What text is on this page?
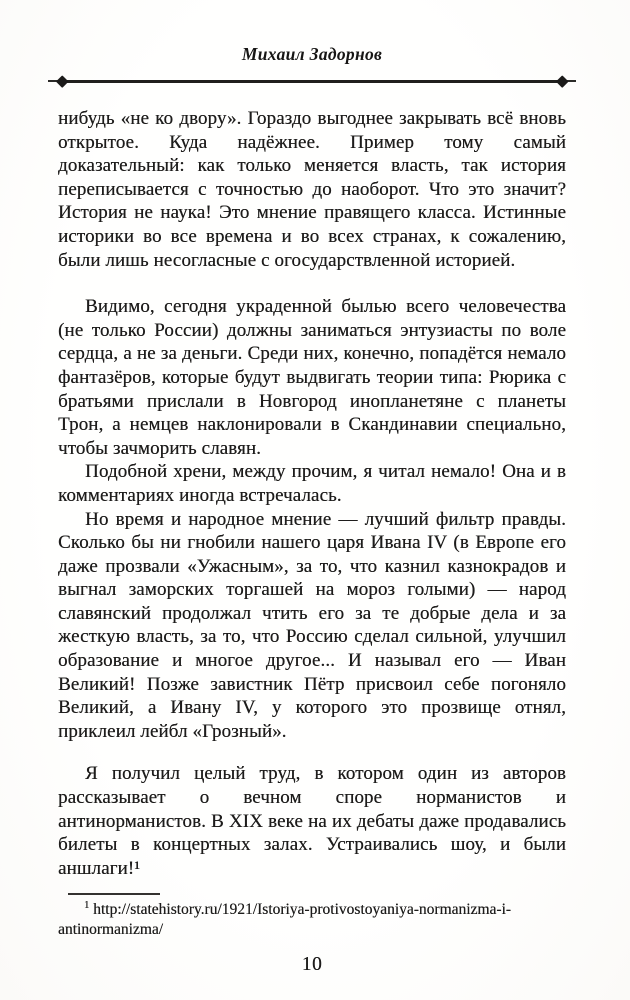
Михаил Задорнов

нибудь «не ко двору». Гораздо выгоднее закрывать всё вновь открытое. Куда надёжнее. Пример тому самый доказательный: как только меняется власть, так история переписывается с точностью до наоборот. Что это значит? История не наука! Это мнение правящего класса. Истинные историки во все времена и во всех странах, к сожалению, были лишь несогласные с огосударствленной историей.

Видимо, сегодня украденной былью всего человечества (не только России) должны заниматься энтузиасты по воле сердца, а не за деньги. Среди них, конечно, попадётся немало фантазёров, которые будут выдвигать теории типа: Рюрика с братьями прислали в Новгород инопланетяне с планеты Трон, а немцев наклонировали в Скандинавии специально, чтобы зачморить славян.

Подобной хрени, между прочим, я читал немало! Она и в комментариях иногда встречалась.

Но время и народное мнение — лучший фильтр правды. Сколько бы ни гнобили нашего царя Ивана IV (в Европе его даже прозвали «Ужасным», за то, что казнил казнокрадов и выгнал заморских торгашей на мороз голыми) — народ славянский продолжал чтить его за те добрые дела и за жесткую власть, за то, что Россию сделал сильной, улучшил образование и многое другое... И называл его — Иван Великий! Позже завистник Пётр присвоил себе погоняло Великий, а Ивану IV, у которого это прозвище отнял, приклеил лейбл «Грозный».

Я получил целый труд, в котором один из авторов рассказывает о вечном споре норманистов и антинорманистов. В XIX веке на их дебаты даже продавались билеты в концертных залах. Устраивались шоу, и были аншлаги!¹

$^1$ http://statehistory.ru/1921/Istoriya-protivostoyaniya-normanizma-i-antinormanizma/

10
